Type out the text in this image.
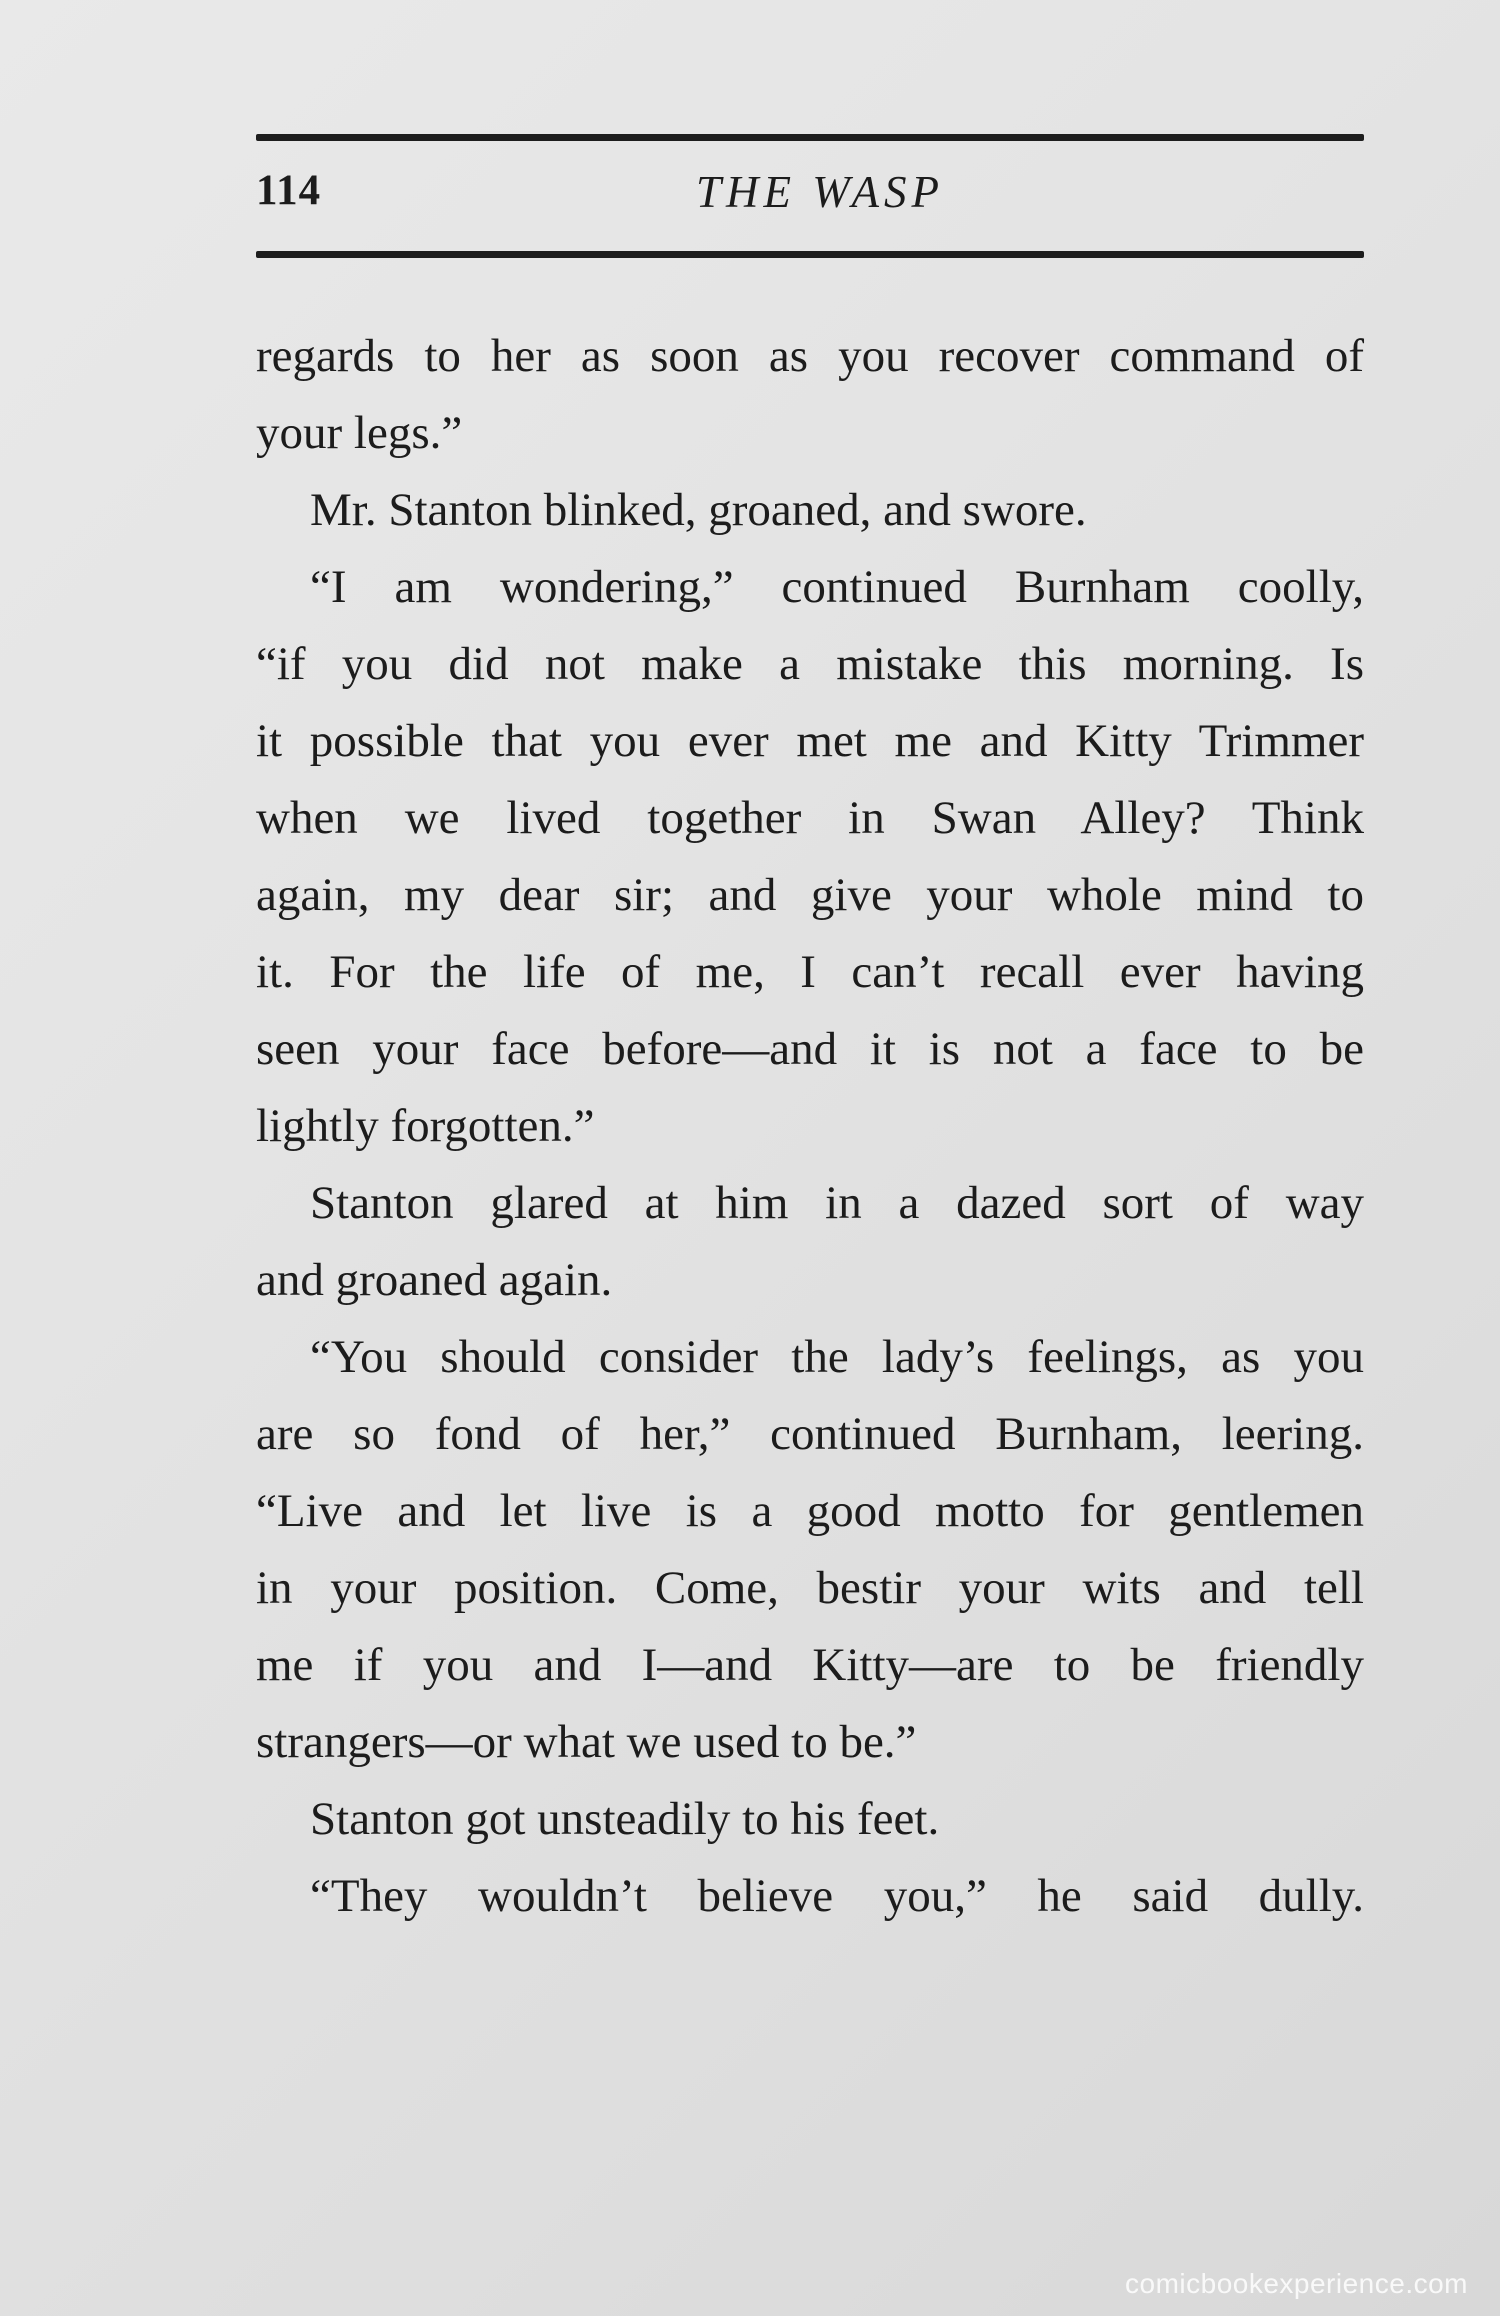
114	THE WASP
regards to her as soon as you recover command of
your legs.”
Mr. Stanton blinked, groaned, and swore.
“I am wondering,” continued Burnham coolly,
“if you did not make a mistake this morning. Is
it possible that you ever met me and Kitty Trimmer
when we lived together in Swan Alley? Think
again, my dear sir; and give your whole mind to
it. For the life of me, I can’t recall ever having
seen your face before—and it is not a face to be
lightly forgotten.”
Stanton glared at him in a dazed sort of way
and groaned again.
“You should consider the lady’s feelings, as you
are so fond of her,” continued Burnham, leering.
“Live and let live is a good motto for gentlemen
in your position. Come, bestir your wits and tell
me if you and I—and Kitty—are to be friendly
strangers—or what we used to be.”
Stanton got unsteadily to his feet.
“They wouldn’t believe you,” he said dully.
comicbookexperience.com
